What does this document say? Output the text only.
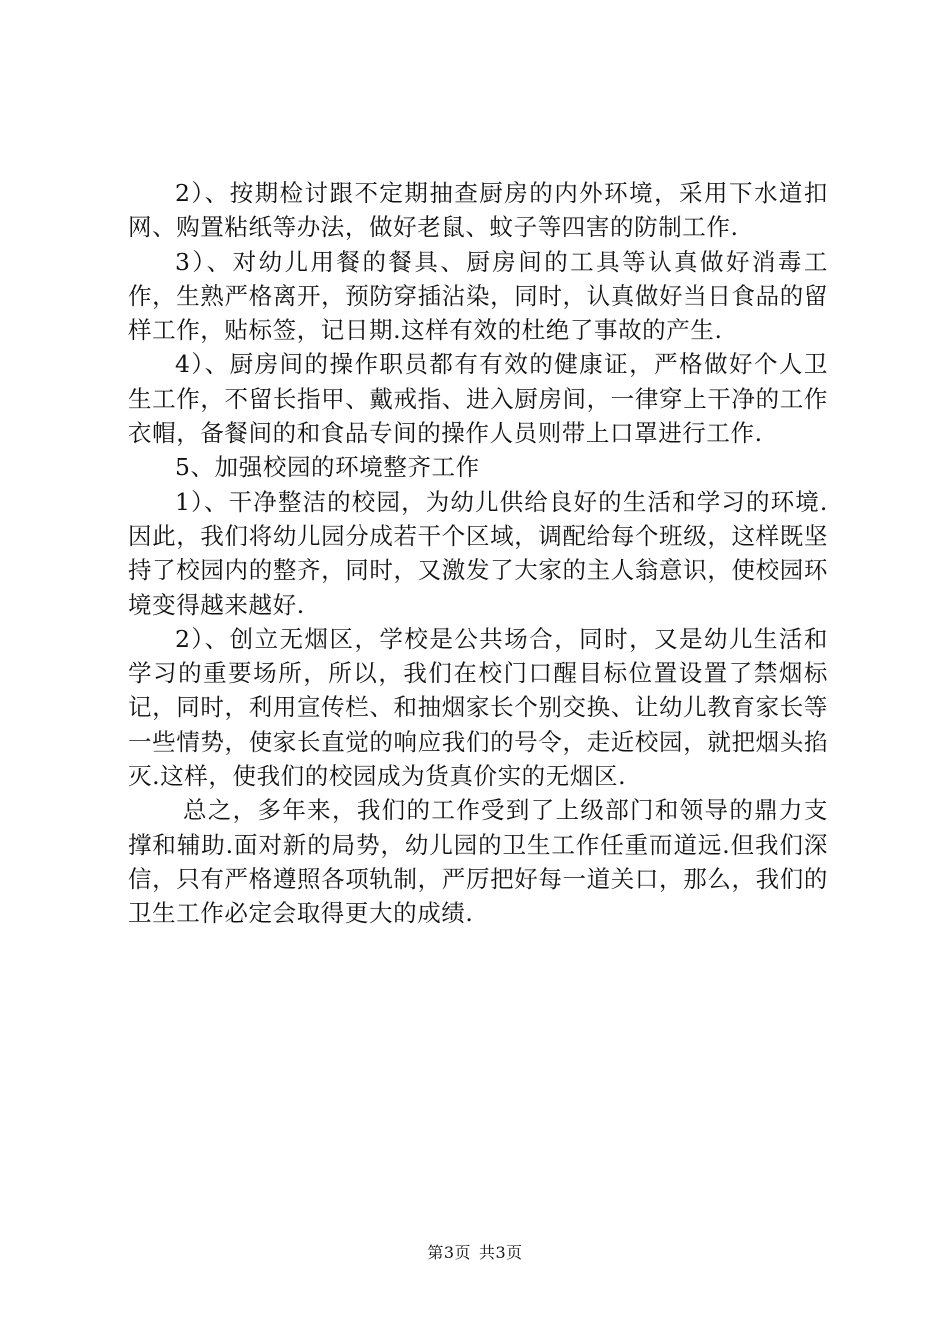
2）、按期检讨跟不定期抽查厨房的内外环境，采用下水道扣网、购置粘纸等办法，做好老鼠、蚊子等四害的防制工作.

3）、对幼儿用餐的餐具、厨房间的工具等认真做好消毒工作，生熟严格离开，预防穿插沾染，同时，认真做好当日食品的留样工作，贴标签，记日期.这样有效的杜绝了事故的产生.

4）、厨房间的操作职员都有有效的健康证，严格做好个人卫生工作，不留长指甲、戴戒指、进入厨房间，一律穿上干净的工作衣帽，备餐间的和食品专间的操作人员则带上口罩进行工作.

5、加强校园的环境整齐工作

1）、干净整洁的校园，为幼儿供给良好的生活和学习的环境.因此，我们将幼儿园分成若干个区域，调配给每个班级，这样既坚持了校园内的整齐，同时，又激发了大家的主人翁意识，使校园环境变得越来越好.

2）、创立无烟区，学校是公共场合，同时，又是幼儿生活和学习的重要场所，所以，我们在校门口醒目标位置设置了禁烟标记，同时，利用宣传栏、和抽烟家长个别交换、让幼儿教育家长等一些情势，使家长直觉的响应我们的号令，走近校园，就把烟头掐灭.这样，使我们的校园成为货真价实的无烟区.

总之，多年来，我们的工作受到了上级部门和领导的鼎力支撑和辅助.面对新的局势，幼儿园的卫生工作任重而道远.但我们深信，只有严格遵照各项轨制，严厉把好每一道关口，那么，我们的卫生工作必定会取得更大的成绩.

第3页 共3页
